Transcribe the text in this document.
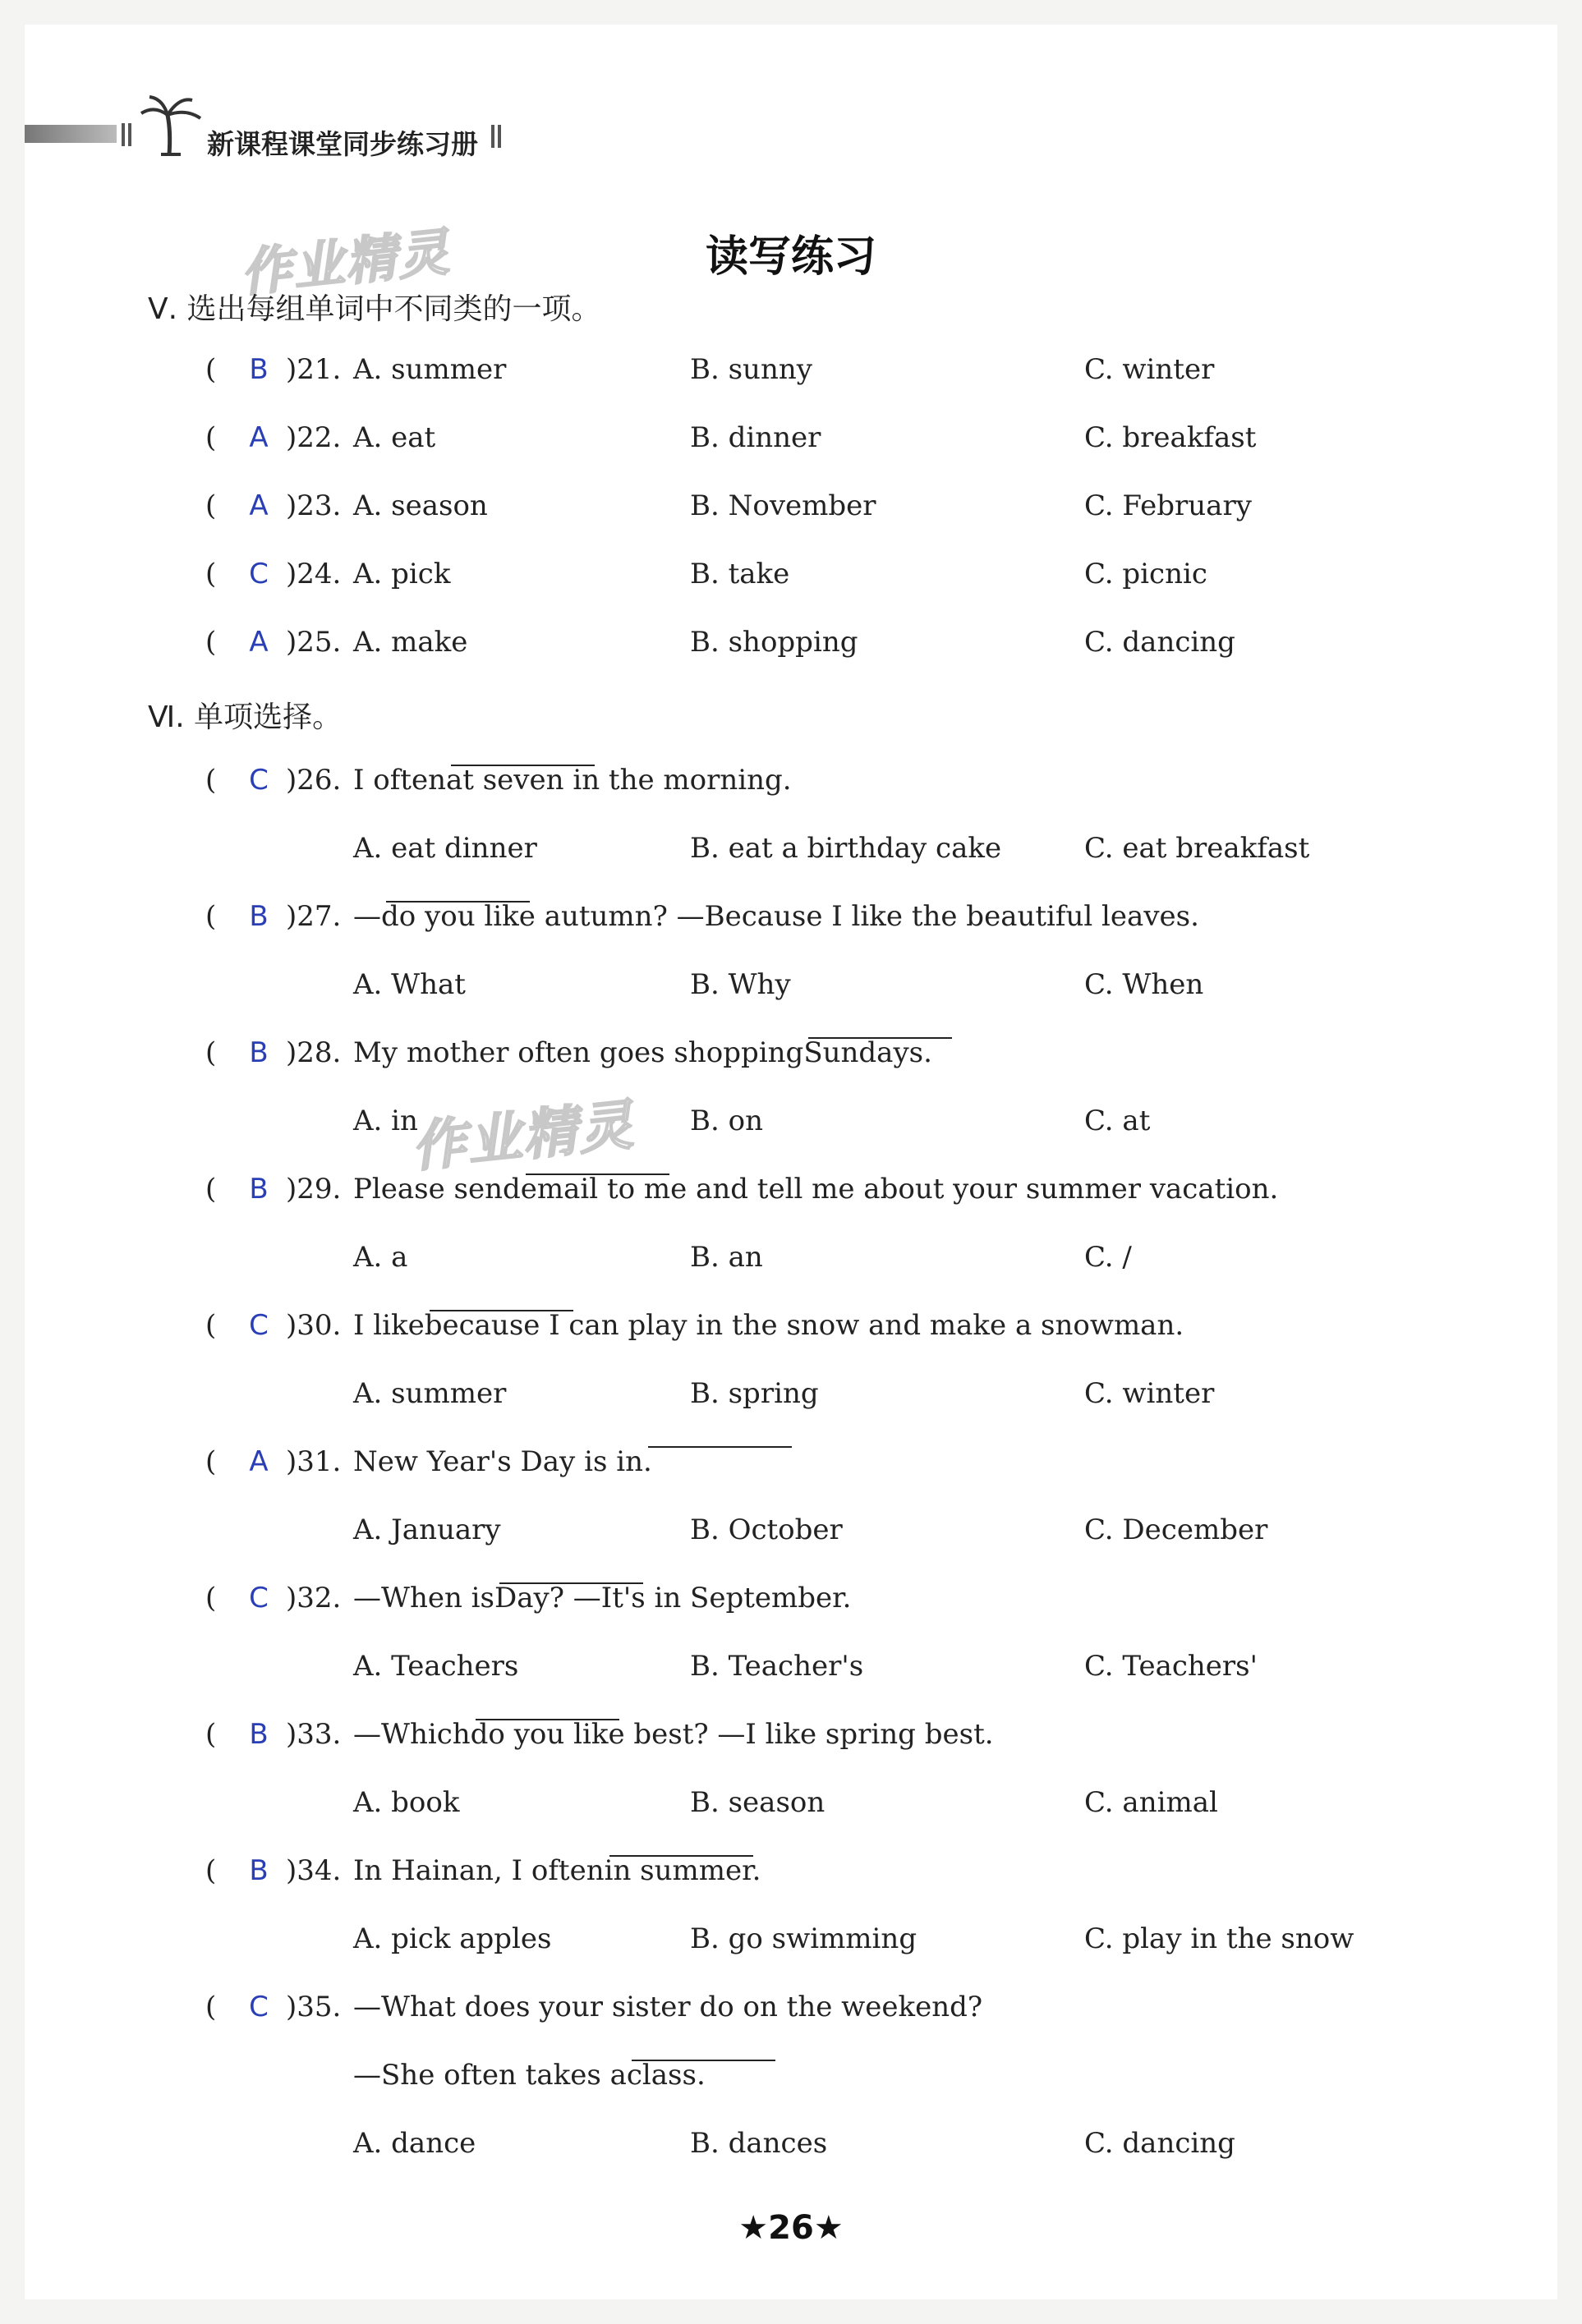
新课程课堂同步练习册
作业精灵
作业精灵
读写练习
Ⅴ. 选出每组单词中不同类的一项。
Ⅵ. 单项选择。
★26★
(	B )21. A. summer	B. sunny	C. winter
(	A )22. A. eat	B. dinner	C. breakfast
(	A )23. A. season	B. November	C. February
(	C )24. A. pick	B. take	C. picnic
(	A )25. A. make	B. shopping	C. dancing
(	C )26. I often
at seven in the morning.
A. eat dinner	B. eat a birthday cake	C. eat breakfast
(	B )27. —
do you like autumn? —Because I like the beautiful leaves.
A. What	B. Why	C. When
(	B )28. My mother often goes shopping
Sundays.
A. in	B. on	C. at
(	B )29. Please send
email to me and tell me about your summer vacation.
A. a	B. an	C. /
(	C )30. I like
because I can play in the snow and make a snowman.
A. summer	B. spring	C. winter
(	A )31. New Year's Day is in
.
A. January	B. October	C. December
(	C )32. —When is
Day? —It's in September.
A. Teachers	B. Teacher's	C. Teachers'
(	B )33. —Which
do you like best? —I like spring best.
A. book	B. season	C. animal
(	B )34. In Hainan, I often
in summer.
A. pick apples	B. go swimming	C. play in the snow
(	C )35. —What does your sister do on the weekend?
—She often takes a
class.
A. dance	B. dances	C. dancing
